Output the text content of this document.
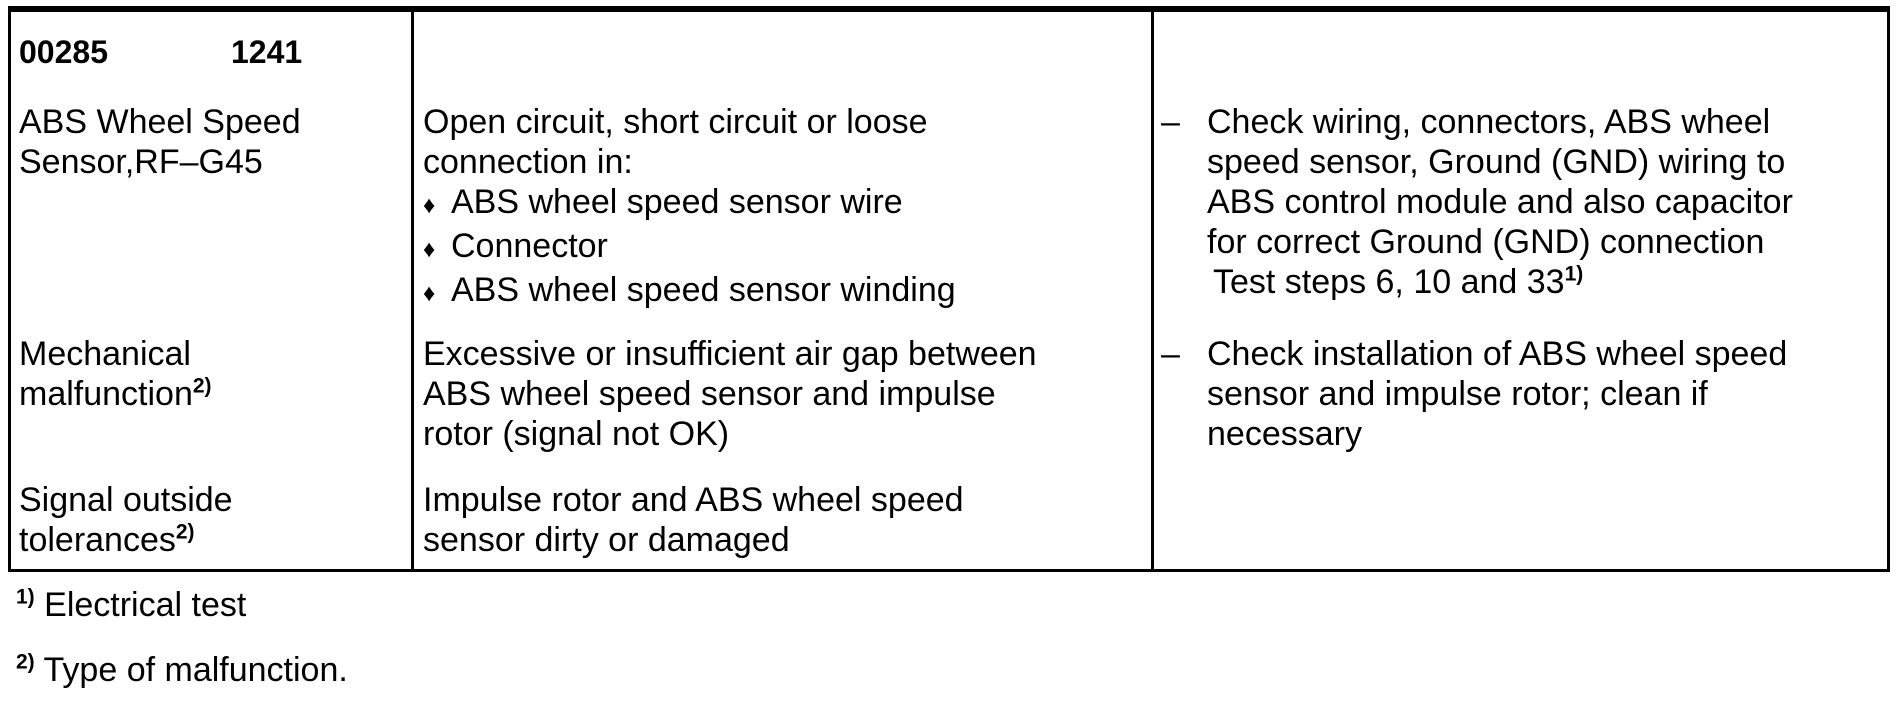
00285	1241
ABS Wheel Speed
Sensor,RF–G45
Open circuit, short circuit or loose
connection in:
♦ ABS wheel speed sensor wire
♦ Connector
♦ ABS wheel speed sensor winding
– Check wiring, connectors, ABS wheel
speed sensor, Ground (GND) wiring to
ABS control module and also capacitor
for correct Ground (GND) connection
Test steps 6, 10 and 33$^{1)}$
Mechanical
malfunction$^{2)}$
Excessive or insufficient air gap between
ABS wheel speed sensor and impulse
rotor (signal not OK)
– Check installation of ABS wheel speed
sensor and impulse rotor; clean if
necessary
Signal outside
tolerances$^{2)}$
Impulse rotor and ABS wheel speed
sensor dirty or damaged
$^{1)}$ Electrical test
$^{2)}$ Type of malfunction.
